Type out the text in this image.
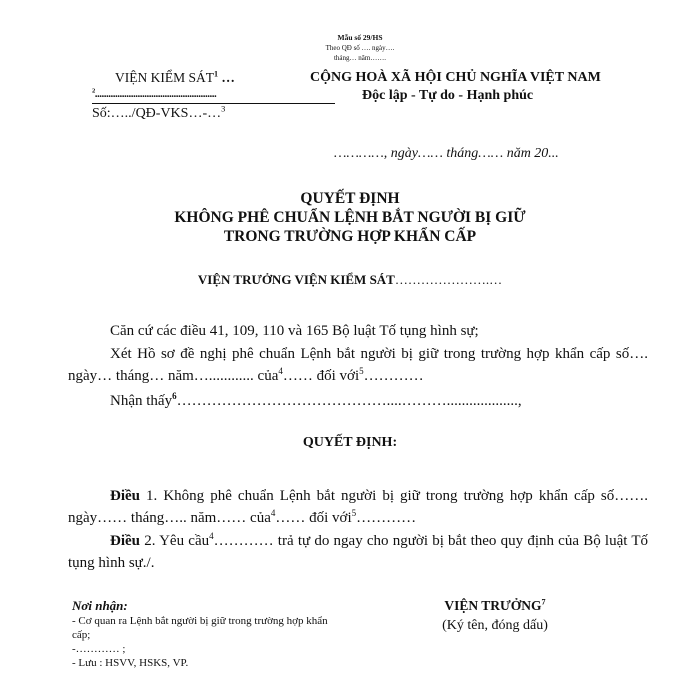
Mẫu số 29/HS
Theo QĐ số …. ngày….
tháng… năm…….
VIỆN KIỂM SÁT$^1$ …
$^2$......................................................
Số:…../QĐ-VKS…-…$^3$
CỘNG HOÀ XÃ HỘI CHỦ NGHĨA VIỆT NAM
Độc lập - Tự do - Hạnh phúc
…………, ngày…… tháng…… năm 20...
QUYẾT ĐỊNH
KHÔNG PHÊ CHUẨN LỆNH BẮT NGƯỜI BỊ GIỮ
TRONG TRƯỜNG HỢP KHẨN CẤP
VIỆN TRƯỞNG VIỆN KIỂM SÁT………………….…
Căn cứ các điều 41, 109, 110 và 165 Bộ luật Tố tụng hình sự;
Xét Hồ sơ đề nghị phê chuẩn Lệnh bắt người bị giữ trong trường hợp khẩn cấp số…. ngày… tháng… năm…............ của$^4$…… đối với$^5$…………
Nhận thấy$^6$……………………………………....………...................,
QUYẾT ĐỊNH:
Điều 1. Không phê chuẩn Lệnh bắt người bị giữ trong trường hợp khẩn cấp số……. ngày…… tháng….. năm…… của$^4$…… đối với$^5$…………
Điều 2. Yêu cầu$^4$………… trả tự do ngay cho người bị bắt theo quy định của Bộ luật Tố tụng hình sự./.
Nơi nhận:
- Cơ quan ra Lệnh bắt người bị giữ trong trường hợp khẩn cấp;
-………… ;
- Lưu : HSVV, HSKS, VP.
VIỆN TRƯỞNG$^7$
(Ký tên, đóng dấu)
